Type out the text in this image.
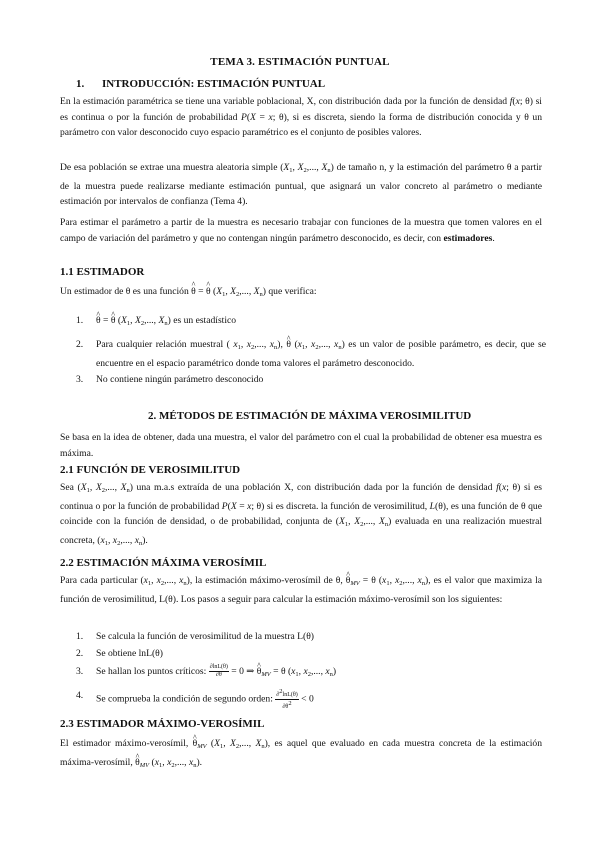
TEMA 3. ESTIMACIÓN PUNTUAL
1. INTRODUCCIÓN: ESTIMACIÓN PUNTUAL
En la estimación paramétrica se tiene una variable poblacional, X, con distribución dada por la función de densidad f(x; θ) si es continua o por la función de probabilidad P(X = x; θ), si es discreta, siendo la forma de distribución conocida y θ un parámetro con valor desconocido cuyo espacio paramétrico es el conjunto de posibles valores.
De esa población se extrae una muestra aleatoria simple ($X_1$, $X_2$,..., $X_n$) de tamaño n, y la estimación del parámetro θ a partir de la muestra puede realizarse mediante estimación puntual, que asignará un valor concreto al parámetro o mediante estimación por intervalos de confianza (Tema 4).
Para estimar el parámetro a partir de la muestra es necesario trabajar con funciones de la muestra que tomen valores en el campo de variación del parámetro y que no contengan ningún parámetro desconocido, es decir, con estimadores.
1.1 ESTIMADOR
Un estimador de θ es una función ^ θ = ^ θ ($X_1$, $X_2$,..., $X_n$) que verifica:
1. ^ θ = ^ θ ($X_1$, $X_2$,..., $X_n$) es un estadístico
2. Para cualquier relación muestral ( $x_1$, $x_2$,..., $x_n$), ^ θ ($x_1$, $x_2$,..., $x_n$) es un valor de posible parámetro, es decir, que se encuentre en el espacio paramétrico donde toma valores el parámetro desconocido.
3. No contiene ningún parámetro desconocido
2. MÉTODOS DE ESTIMACIÓN DE MÁXIMA VEROSIMILITUD
Se basa en la idea de obtener, dada una muestra, el valor del parámetro con el cual la probabilidad de obtener esa muestra es máxima.
2.1 FUNCIÓN DE VEROSIMILITUD
Sea ($X_1$, $X_2$,..., $X_n$) una m.a.s extraída de una población X, con distribución dada por la función de densidad f(x; θ) si es continua o por la función de probabilidad P(X = x; θ) si es discreta. la función de verosimilitud, L(θ), es una función de θ que coincide con la función de densidad, o de probabilidad, conjunta de ($X_1$, $X_2$,..., $X_n$) evaluada en una realización muestral concreta, ($x_1$, $x_2$,..., $x_n$).
2.2 ESTIMACIÓN MÁXIMA VEROSÍMIL
Para cada particular ($x_1$, $x_2$,..., $x_n$), la estimación máximo-verosímil de θ, ^ $\theta_{MV} = \theta$ ($x_1$, $x_2$,..., $x_n$), es el valor que maximiza la función de verosimilitud, L(θ). Los pasos a seguir para calcular la estimación máximo-verosímil son los siguientes:
1. Se calcula la función de verosimilitud de la muestra L(θ)
2. Se obtiene lnL(θ)
3. Se hallan los puntos críticos: $\frac{\partial\ln L(\theta)}{\partial\theta} = 0$ ⇒ ^ $\theta_{MV} = \theta$ ($x_1$, $x_2$,..., $x_n$)
4. Se comprueba la condición de segundo orden: $\frac{\partial^2\ln L(\theta)}{\partial\theta^2} < 0$
2.3 ESTIMADOR MÁXIMO-VEROSÍMIL
El estimador máximo-verosímil, ^ $\theta_{MV}$ ($X_1$, $X_2$,..., $X_n$), es aquel que evaluado en cada muestra concreta de la estimación máxima-verosímil, ^ $\theta_{MV}$ ($x_1$, $x_2$,..., $x_n$).
